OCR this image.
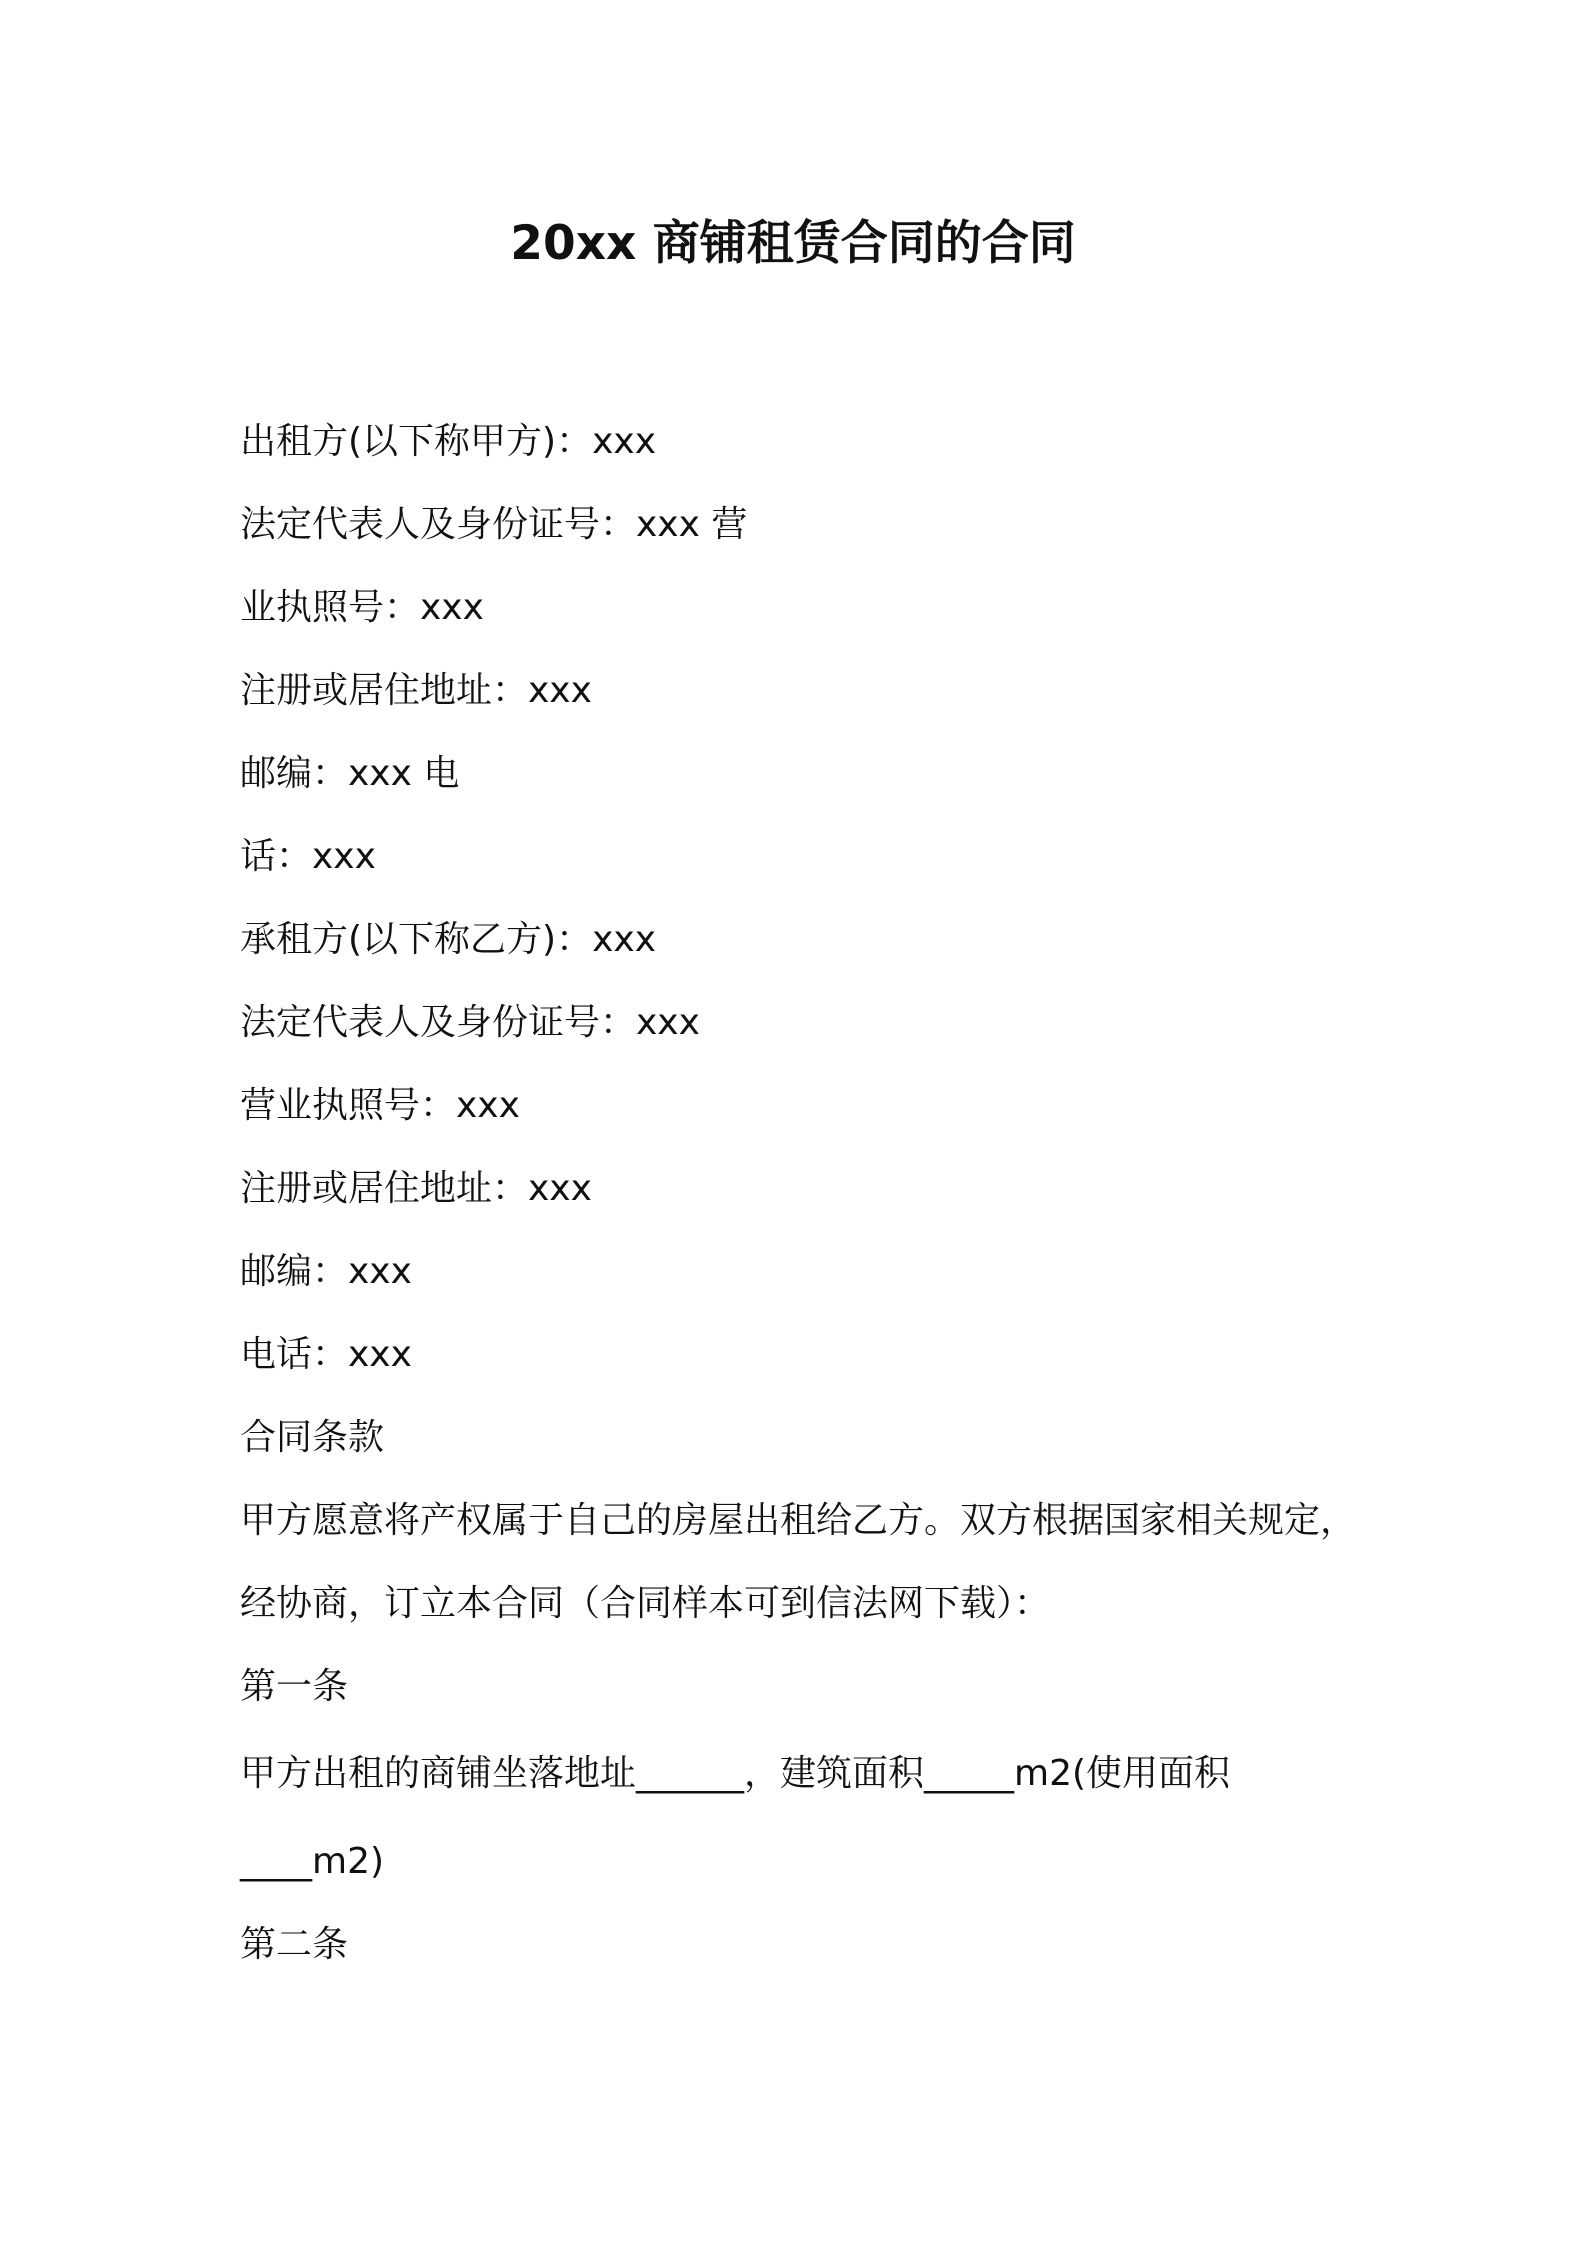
20xx 商铺租赁合同的合同
出租方(以下称甲方)：xxx
法定代表人及身份证号：xxx 营
业执照号：xxx
注册或居住地址：xxx
邮编：xxx 电
话：xxx
承租方(以下称乙方)：xxx
法定代表人及身份证号：xxx
营业执照号：xxx
注册或居住地址：xxx
邮编：xxx
电话：xxx
合同条款
甲方愿意将产权属于自己的房屋出租给乙方。双方根据国家相关规定，
经协商，订立本合同（合同样本可到信法网下载）：
第一条
甲方出租的商铺坐落地址______，建筑面积_____m2(使用面积
____m2)
第二条
